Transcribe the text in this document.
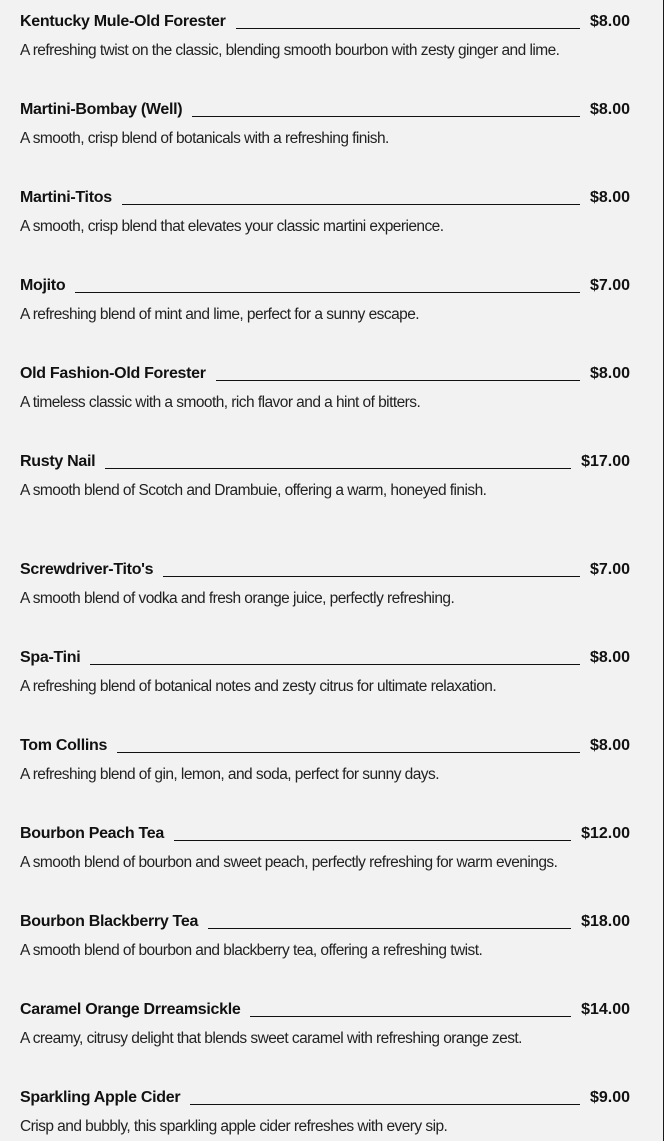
Kentucky Mule-Old Forester	$8.00
A refreshing twist on the classic, blending smooth bourbon with zesty ginger and lime.
Martini-Bombay (Well)	$8.00
A smooth, crisp blend of botanicals with a refreshing finish.
Martini-Titos	$8.00
A smooth, crisp blend that elevates your classic martini experience.
Mojito	$7.00
A refreshing blend of mint and lime, perfect for a sunny escape.
Old Fashion-Old Forester	$8.00
A timeless classic with a smooth, rich flavor and a hint of bitters.
Rusty Nail	$17.00
A smooth blend of Scotch and Drambuie, offering a warm, honeyed finish.
Screwdriver-Tito's	$7.00
A smooth blend of vodka and fresh orange juice, perfectly refreshing.
Spa-Tini	$8.00
A refreshing blend of botanical notes and zesty citrus for ultimate relaxation.
Tom Collins	$8.00
A refreshing blend of gin, lemon, and soda, perfect for sunny days.
Bourbon Peach Tea	$12.00
A smooth blend of bourbon and sweet peach, perfectly refreshing for warm evenings.
Bourbon Blackberry Tea	$18.00
A smooth blend of bourbon and blackberry tea, offering a refreshing twist.
Caramel Orange Drreamsickle	$14.00
A creamy, citrusy delight that blends sweet caramel with refreshing orange zest.
Sparkling Apple Cider	$9.00
Crisp and bubbly, this sparkling apple cider refreshes with every sip.
